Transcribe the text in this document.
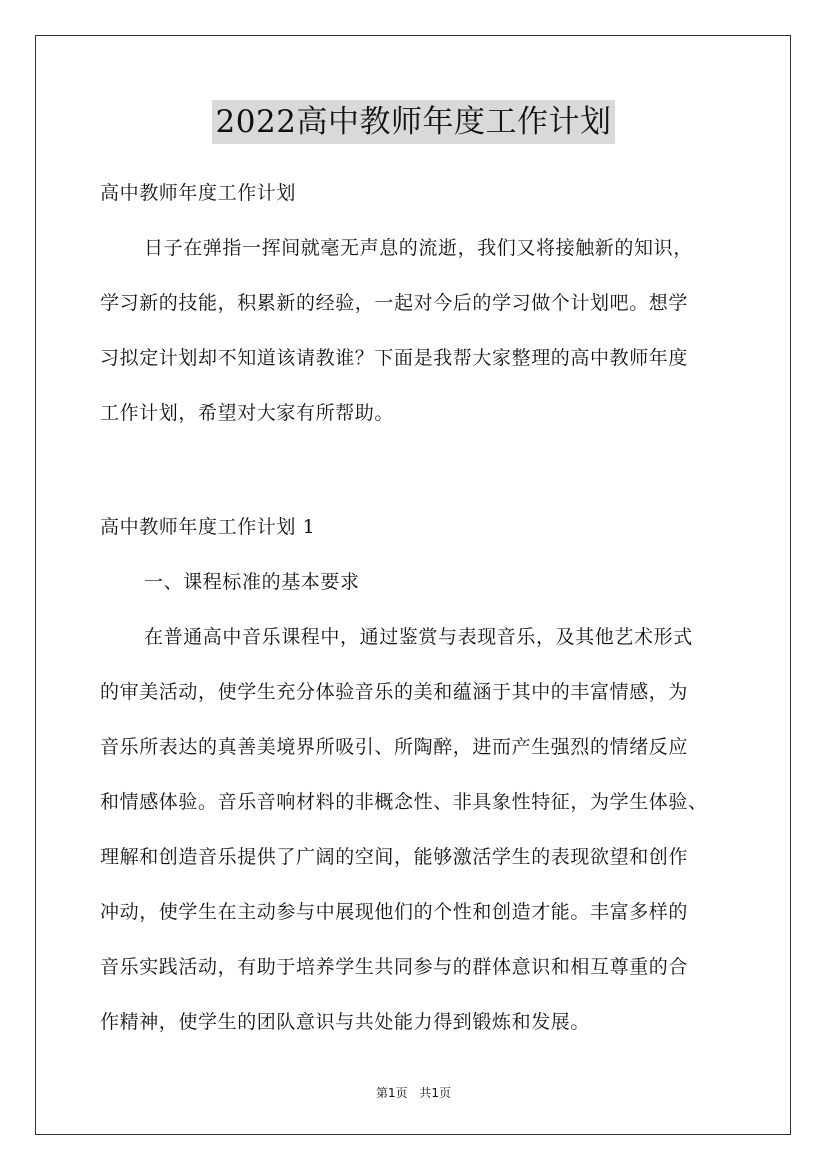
2022高中教师年度工作计划
高中教师年度工作计划
日子在弹指一挥间就毫无声息的流逝，我们又将接触新的知识，
学习新的技能，积累新的经验，一起对今后的学习做个计划吧。想学
习拟定计划却不知道该请教谁？下面是我帮大家整理的高中教师年度
工作计划，希望对大家有所帮助。
高中教师年度工作计划 1
一、课程标准的基本要求
在普通高中音乐课程中，通过鉴赏与表现音乐，及其他艺术形式
的审美活动，使学生充分体验音乐的美和蕴涵于其中的丰富情感，为
音乐所表达的真善美境界所吸引、所陶醉，进而产生强烈的情绪反应
和情感体验。音乐音响材料的非概念性、非具象性特征，为学生体验、
理解和创造音乐提供了广阔的空间，能够激活学生的表现欲望和创作
冲动，使学生在主动参与中展现他们的个性和创造才能。丰富多样的
音乐实践活动，有助于培养学生共同参与的群体意识和相互尊重的合
作精神，使学生的团队意识与共处能力得到锻炼和发展。
第1页 共1页
